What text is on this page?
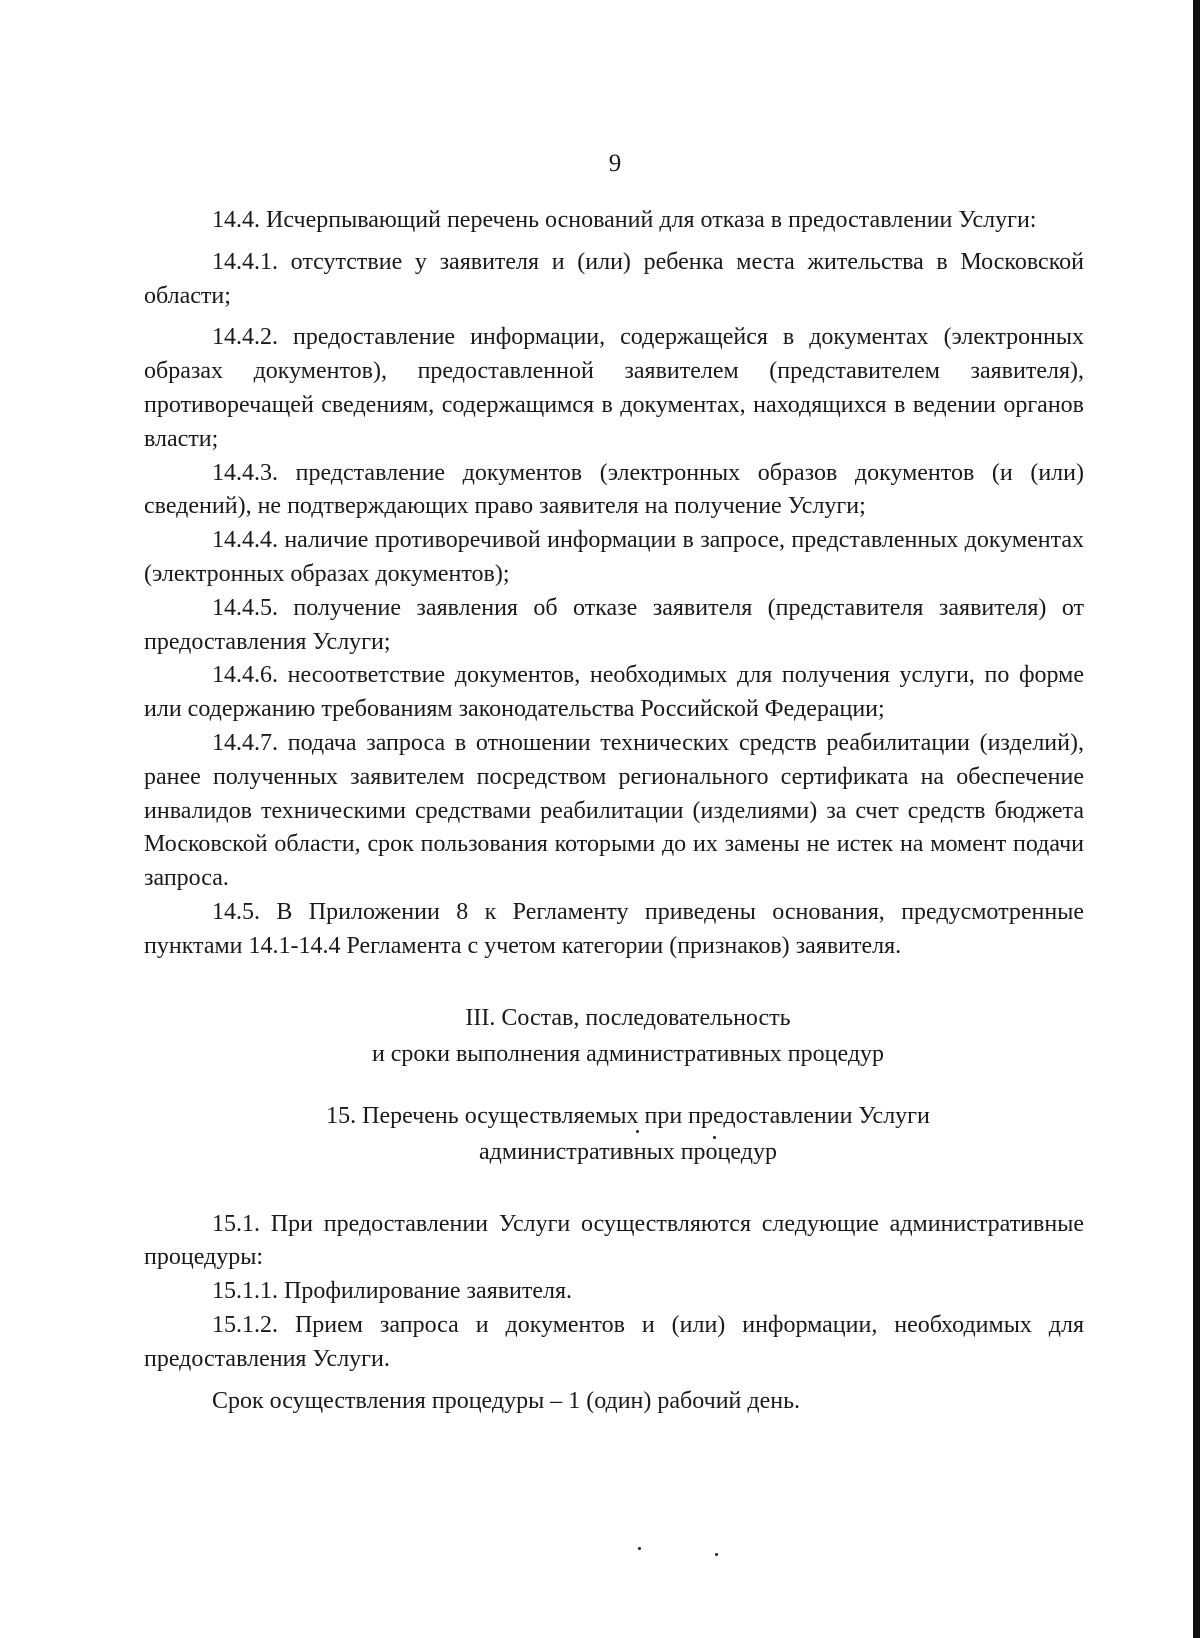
9

14.4. Исчерпывающий перечень оснований для отказа в предоставлении Услуги:

14.4.1. отсутствие у заявителя и (или) ребенка места жительства в Московской области;

14.4.2. предоставление информации, содержащейся в документах (электронных образах документов), предоставленной заявителем (представителем заявителя), противоречащей сведениям, содержащимся в документах, находящихся в ведении органов власти;

14.4.3. представление документов (электронных образов документов (и (или) сведений), не подтверждающих право заявителя на получение Услуги;

14.4.4. наличие противоречивой информации в запросе, представленных документах (электронных образах документов);

14.4.5. получение заявления об отказе заявителя (представителя заявителя) от предоставления Услуги;

14.4.6. несоответствие документов, необходимых для получения услуги, по форме или содержанию требованиям законодательства Российской Федерации;

14.4.7. подача запроса в отношении технических средств реабилитации (изделий), ранее полученных заявителем посредством регионального сертификата на обеспечение инвалидов техническими средствами реабилитации (изделиями) за счет средств бюджета Московской области, срок пользования которыми до их замены не истек на момент подачи запроса.

14.5. В Приложении 8 к Регламенту приведены основания, предусмотренные пунктами 14.1-14.4 Регламента с учетом категории (признаков) заявителя.

III. Состав, последовательность

и сроки выполнения административных процедур

15. Перечень осуществляемых при предоставлении Услуги

административных процедур

15.1. При предоставлении Услуги осуществляются следующие административные процедуры:

15.1.1. Профилирование заявителя.

15.1.2. Прием запроса и документов и (или) информации, необходимых для предоставления Услуги.

Срок осуществления процедуры – 1 (один) рабочий день.
